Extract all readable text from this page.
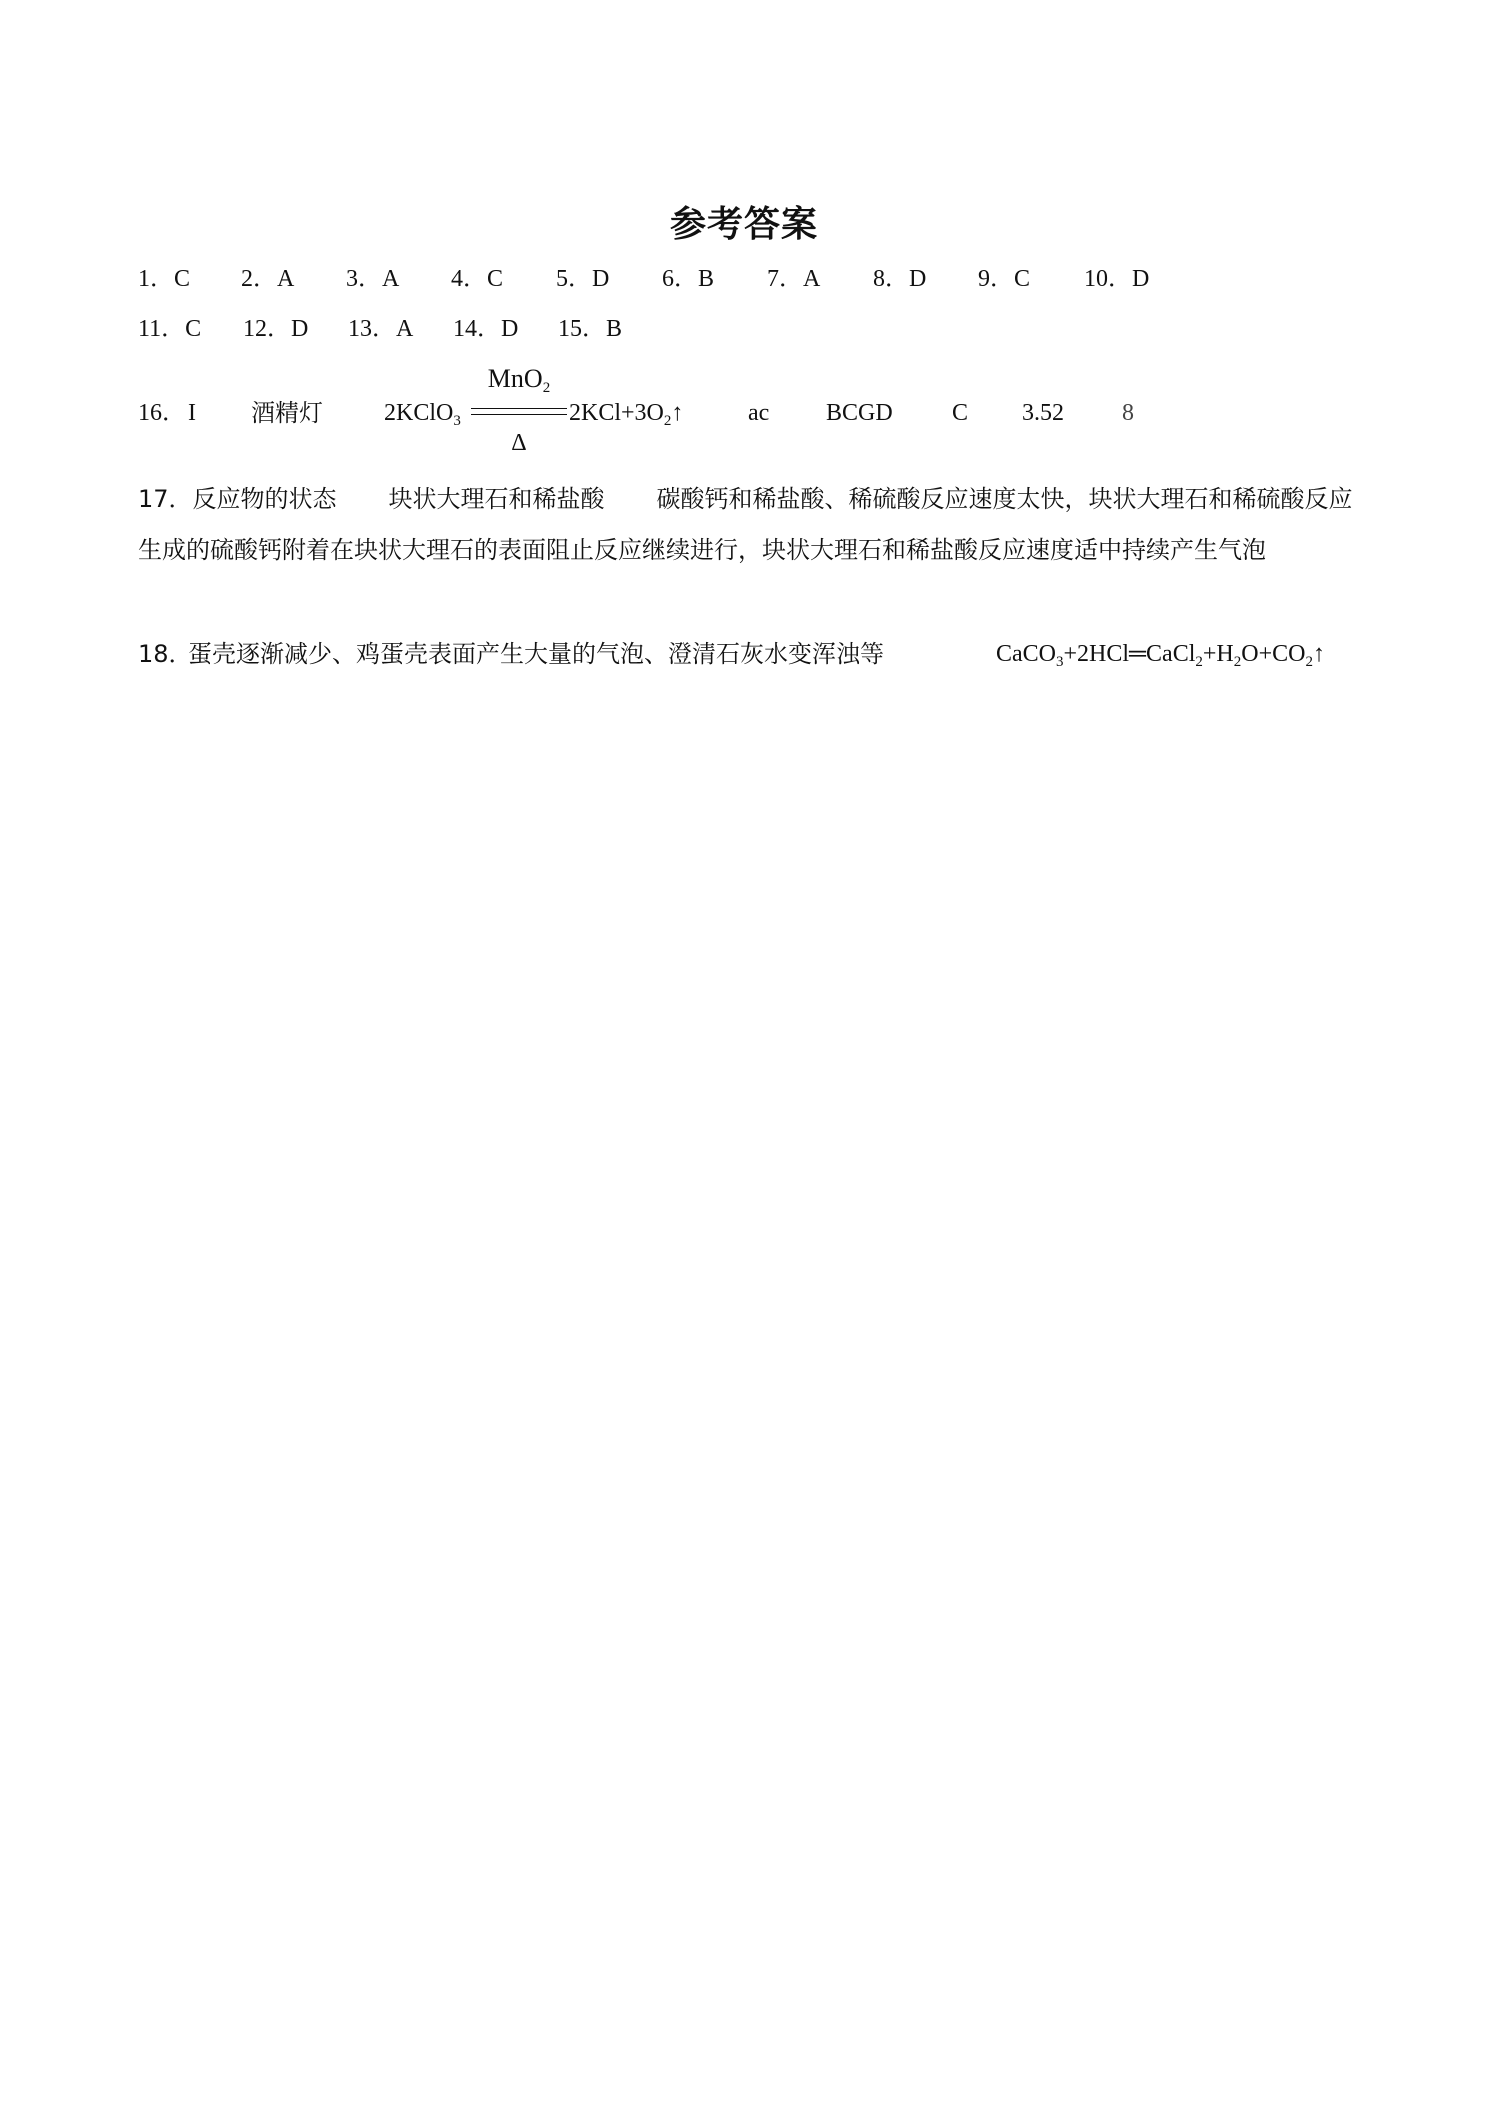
参考答案
1．C 2．A 3．A 4．C 5．D 6．B 7．A 8．D 9．C 10．D
11．C 12．D 13．A 14．D 15．B
16． I 酒精灯	2KClO$_3$
MnO$_2$
Δ
$2KCl+3O_2↑$	ac BCGD C 3.52 8
17．反应物的状态 块状大理石和稀盐酸 碳酸钙和稀盐酸、稀硫酸反应速度太快，块状大理石和稀硫酸反应生成的硫酸钙附着在块状大理石的表面阻止反应继续进行，块状大理石和稀盐酸反应速度适中持续产生气泡
18．
蛋壳逐渐减少、鸡蛋壳表面产生大量的气泡、澄清石灰水变浑浊等	$CaCO_3+2HCl═CaCl_2+H_2O+CO_2↑$
